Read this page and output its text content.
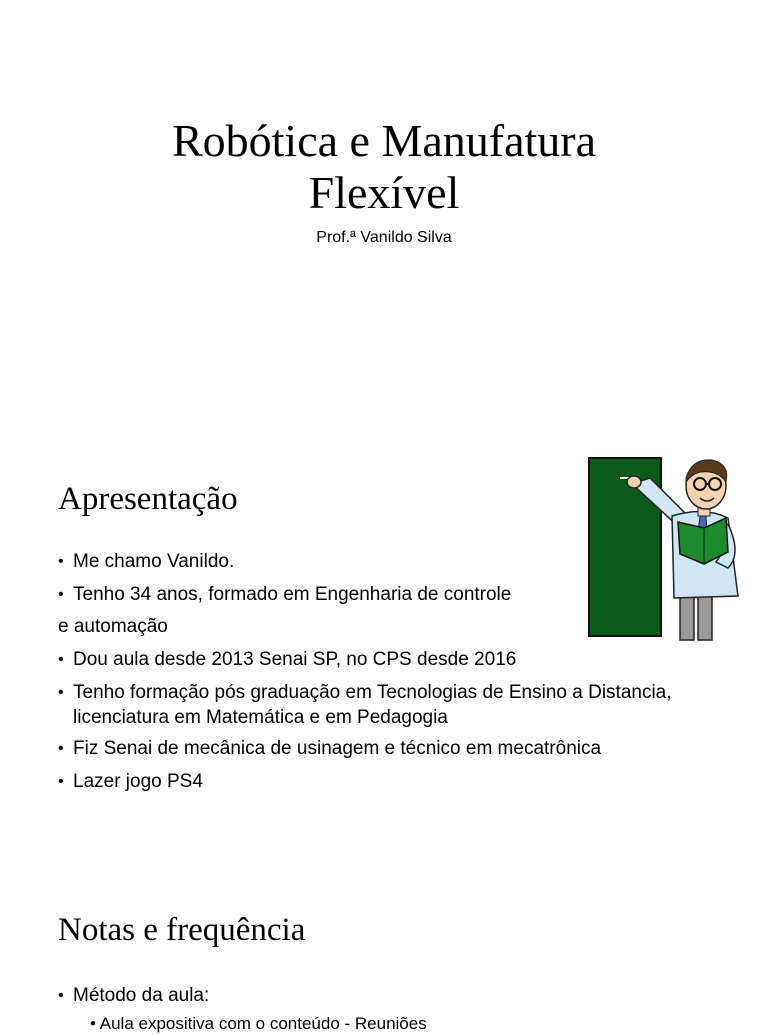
Robótica e Manufatura
Flexível
Prof.ª Vanildo Silva
Apresentação
• Me chamo Vanildo.
• Tenho 34 anos, formado em Engenharia de controle
• Dou aula desde 2013 Senai SP, no CPS desde 2016
• Tenho formação pós graduação em Tecnologias de Ensino a Distancia,
licenciatura em Matemática e em Pedagogia
• Fiz Senai de mecânica de usinagem e técnico em mecatrônica
• Lazer jogo PS4
e automação
Notas e frequência
• Método da aula:
• Aula expositiva com o conteúdo - Reuniões
